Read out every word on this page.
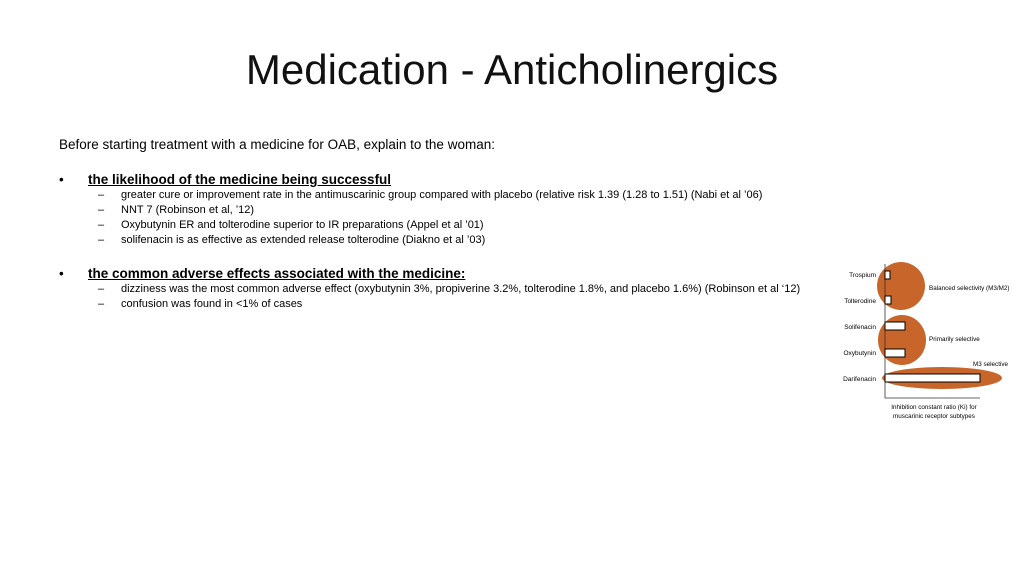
Medication - Anticholinergics
Before starting treatment with a medicine for OAB, explain to the woman:
• the likelihood of the medicine being successful
– greater cure or improvement rate in the antimuscarinic group compared with placebo (relative risk 1.39 (1.28 to 1.51) (Nabi et al ’06)
– NNT 7 (Robinson et al, ’12)
– Oxybutynin ER and tolterodine superior to IR preparations (Appel et al ’01)
– solifenacin is as effective as extended release tolterodine (Diakno et al ’03)
• the common adverse effects associated with the medicine:
– dizziness was the most common adverse effect (oxybutynin 3%, propiverine 3.2%, tolterodine 1.8%, and placebo 1.6%) (Robinson et al ‘12)
– confusion was found in <1% of cases
Trospium
Tolterodine
Solifenacin
Oxybutynin
Darifenacin
Balanced selectivity (M3/M2)
Primarily selective
M3 selective
Inhibition constant ratio (Ki) for
muscarinic receptor subtypes
